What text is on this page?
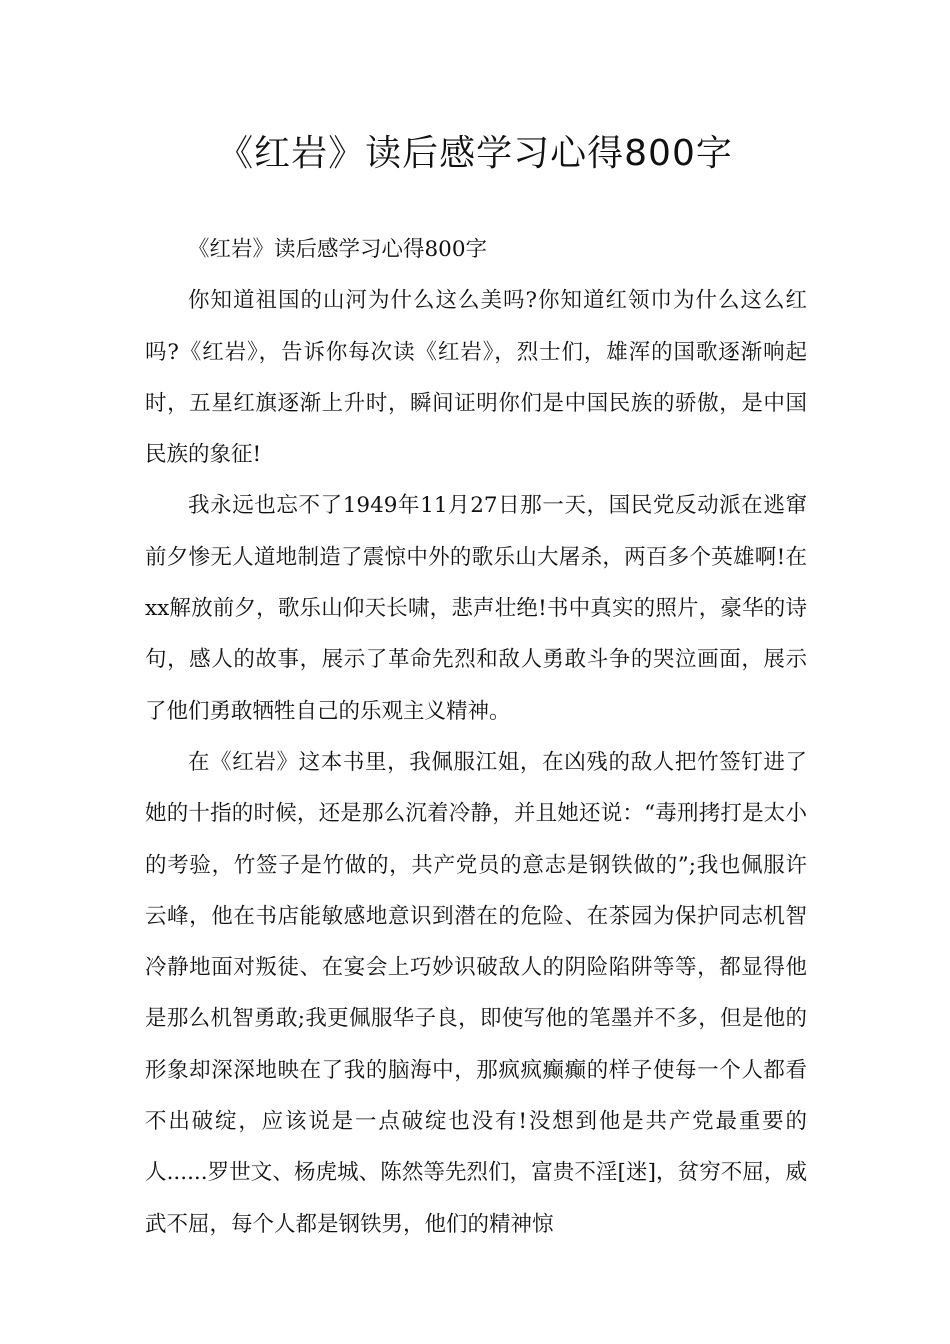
《红岩》读后感学习心得800字

《红岩》读后感学习心得800字

你知道祖国的山河为什么这么美吗?你知道红领巾为什么这么红吗?《红岩》，告诉你每次读《红岩》，烈士们，雄浑的国歌逐渐响起时，五星红旗逐渐上升时，瞬间证明你们是中国民族的骄傲，是中国民族的象征!

我永远也忘不了1949年11月27日那一天，国民党反动派在逃窜前夕惨无人道地制造了震惊中外的歌乐山大屠杀，两百多个英雄啊!在xx解放前夕，歌乐山仰天长啸，悲声壮绝!书中真实的照片，豪华的诗句，感人的故事，展示了革命先烈和敌人勇敢斗争的哭泣画面，展示了他们勇敢牺牲自己的乐观主义精神。

在《红岩》这本书里，我佩服江姐，在凶残的敌人把竹签钉进了她的十指的时候，还是那么沉着冷静，并且她还说：“毒刑拷打是太小的考验，竹签子是竹做的，共产党员的意志是钢铁做的”;我也佩服许云峰，他在书店能敏感地意识到潜在的危险、在茶园为保护同志机智冷静地面对叛徒、在宴会上巧妙识破敌人的阴险陷阱等等，都显得他是那么机智勇敢;我更佩服华子良，即使写他的笔墨并不多，但是他的形象却深深地映在了我的脑海中，那疯疯癫癫的样子使每一个人都看不出破绽，应该说是一点破绽也没有!没想到他是共产党最重要的人......罗世文、杨虎城、陈然等先烈们，富贵不淫[迷]，贫穷不屈，威武不屈，每个人都是钢铁男，他们的精神惊
